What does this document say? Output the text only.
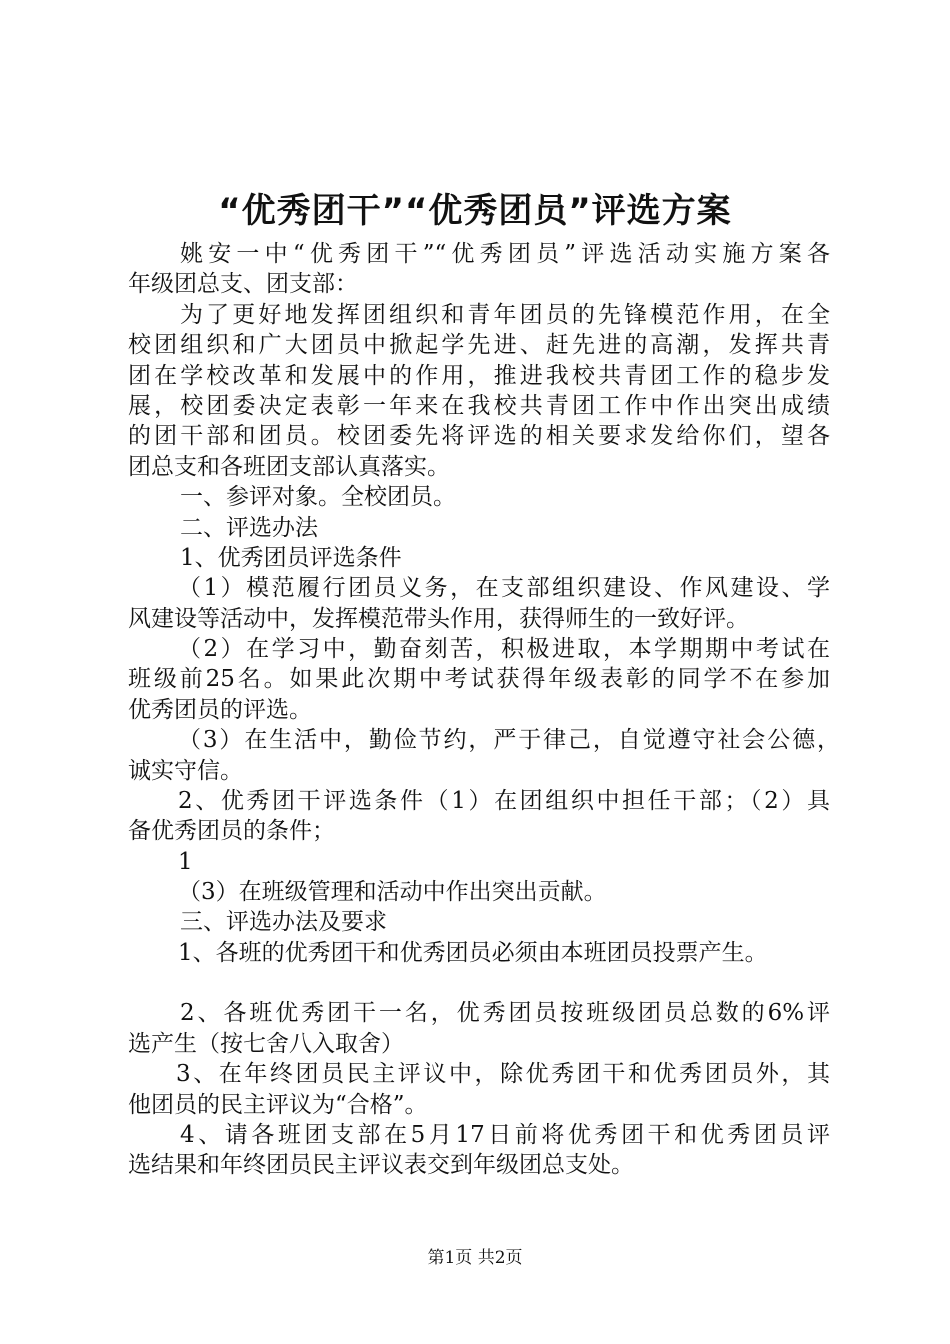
“优秀团干”“优秀团员”评选方案
姚安一中“优秀团干”“优秀团员”评选活动实施方案各
年级团总支、团支部：
为了更好地发挥团组织和青年团员的先锋模范作用，在全
校团组织和广大团员中掀起学先进、赶先进的高潮，发挥共青
团在学校改革和发展中的作用，推进我校共青团工作的稳步发
展，校团委决定表彰一年来在我校共青团工作中作出突出成绩
的团干部和团员。校团委先将评选的相关要求发给你们，望各
团总支和各班团支部认真落实。
一、参评对象。全校团员。
二、评选办法
1、优秀团员评选条件
（1）模范履行团员义务，在支部组织建设、作风建设、学
风建设等活动中，发挥模范带头作用，获得师生的一致好评。
（2）在学习中，勤奋刻苦，积极进取，本学期期中考试在
班级前25名。如果此次期中考试获得年级表彰的同学不在参加
优秀团员的评选。
（3）在生活中，勤俭节约，严于律己，自觉遵守社会公德，
诚实守信。
2、优秀团干评选条件（1）在团组织中担任干部；（2）具
备优秀团员的条件；
1
（3）在班级管理和活动中作出突出贡献。
三、评选办法及要求
1、各班的优秀团干和优秀团员必须由本班团员投票产生。
2、各班优秀团干一名，优秀团员按班级团员总数的6%评
选产生（按七舍八入取舍）
3、在年终团员民主评议中，除优秀团干和优秀团员外，其
他团员的民主评议为“合格”。
4、请各班团支部在5月17日前将优秀团干和优秀团员评
选结果和年终团员民主评议表交到年级团总支处。
第1页 共2页
